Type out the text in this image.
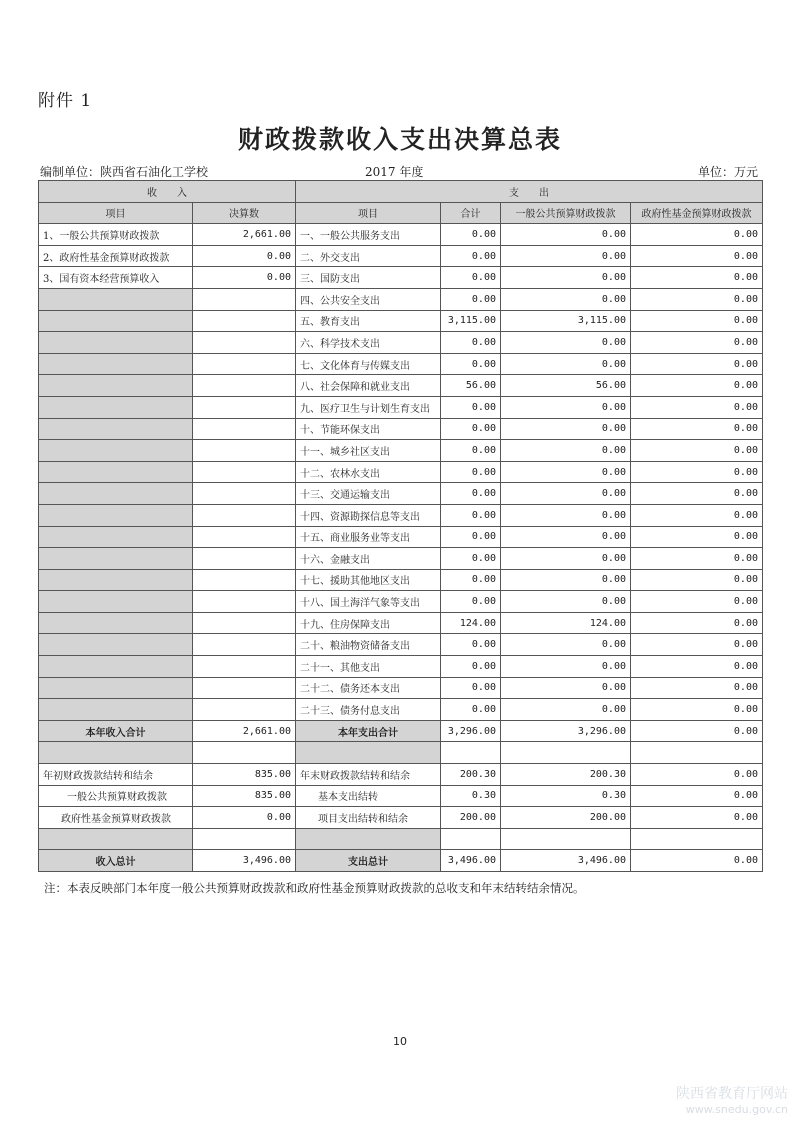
附件 1
财政拨款收入支出决算总表
编制单位：陕西省石油化工学校	2017 年度	单位：万元
收　　入		支　　出			
项目	决算数	项目	合计	一般公共预算财政拨款	政府性基金预算财政拨款
1、一般公共预算财政拨款	2,661.00	一、一般公共服务支出	0.00	0.00	0.00
2、政府性基金预算财政拨款	0.00	二、外交支出	0.00	0.00	0.00
3、国有资本经营预算收入	0.00	三、国防支出	0.00	0.00	0.00
		四、公共安全支出	0.00	0.00	0.00
		五、教育支出	3,115.00	3,115.00	0.00
		六、科学技术支出	0.00	0.00	0.00
		七、文化体育与传媒支出	0.00	0.00	0.00
		八、社会保障和就业支出	56.00	56.00	0.00
		九、医疗卫生与计划生育支出	0.00	0.00	0.00
		十、节能环保支出	0.00	0.00	0.00
		十一、城乡社区支出	0.00	0.00	0.00
		十二、农林水支出	0.00	0.00	0.00
		十三、交通运输支出	0.00	0.00	0.00
		十四、资源勘探信息等支出	0.00	0.00	0.00
		十五、商业服务业等支出	0.00	0.00	0.00
		十六、金融支出	0.00	0.00	0.00
		十七、援助其他地区支出	0.00	0.00	0.00
		十八、国土海洋气象等支出	0.00	0.00	0.00
		十九、住房保障支出	124.00	124.00	0.00
		二十、粮油物资储备支出	0.00	0.00	0.00
		二十一、其他支出	0.00	0.00	0.00
		二十二、债务还本支出	0.00	0.00	0.00
		二十三、债务付息支出	0.00	0.00	0.00
本年收入合计	2,661.00	本年支出合计	3,296.00	3,296.00	0.00

年初财政拨款结转和结余	835.00	年末财政拨款结转和结余	200.30	200.30	0.00
一般公共预算财政拨款	835.00	基本支出结转	0.30	0.30	0.00
政府性基金预算财政拨款	0.00	项目支出结转和结余	200.00	200.00	0.00

收入总计	3,496.00	支出总计	3,496.00	3,496.00	0.00
注：本表反映部门本年度一般公共预算财政拨款和政府性基金预算财政拨款的总收支和年末结转结余情况。
10
陕西省教育厅网站
www.snedu.gov.cn
